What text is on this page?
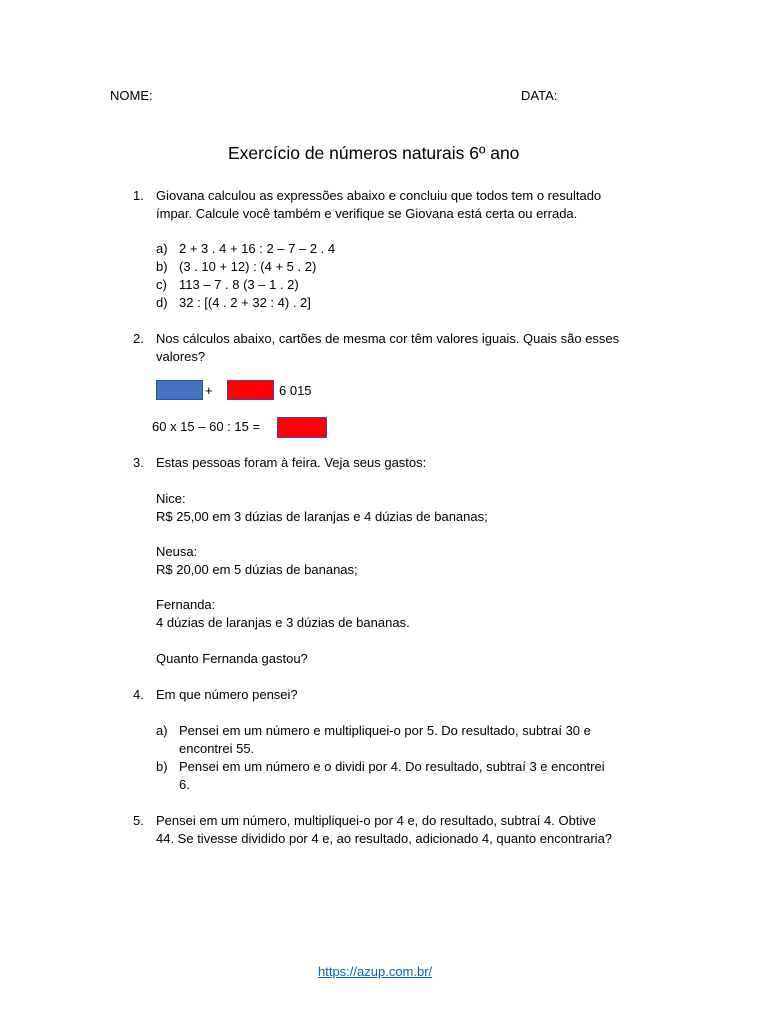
NOME:	DATA:
Exercício de números naturais 6º ano
1. Giovana calculou as expressões abaixo e concluiu que todos tem o resultado
ímpar. Calcule você também e verifique se Giovana está certa ou errada.
a) 2 + 3 . 4 + 16 : 2 – 7 – 2 . 4
b) (3 . 10 + 12) : (4 + 5 . 2)
c) 113 – 7 . 8 (3 – 1 . 2)
d) 32 : [(4 . 2 + 32 : 4) . 2]
2. Nos cálculos abaixo, cartões de mesma cor têm valores iguais. Quais são esses
valores?
+	6 015
60 x 15 – 60 : 15 =
3. Estas pessoas foram à feira. Veja seus gastos:
Nice:
R$ 25,00 em 3 dúzias de laranjas e 4 dúzias de bananas;
Neusa:
R$ 20,00 em 5 dúzias de bananas;
Fernanda:
4 dúzias de laranjas e 3 dúzias de bananas.
Quanto Fernanda gastou?
4. Em que número pensei?
a) Pensei em um número e multipliquei-o por 5. Do resultado, subtraí 30 e
encontrei 55.
b) Pensei em um número e o dividi por 4. Do resultado, subtraí 3 e encontrei
6.
5. Pensei em um número, multipliquei-o por 4 e, do resultado, subtraí 4. Obtive
44. Se tivesse dividido por 4 e, ao resultado, adicionado 4, quanto encontraria?
https://azup.com.br/
